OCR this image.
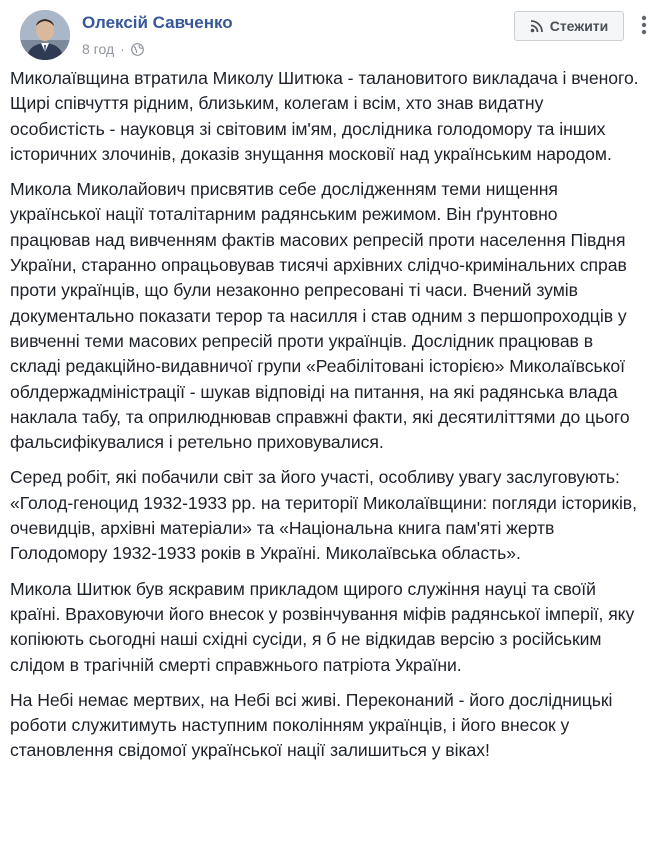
Олексій Савченко
8 год ·
Стежити

Миколаївщина втратила Миколу Шитюка - талановитого викладача і вченого. Щирі співчуття рідним, близьким, колегам і всім, хто знав видатну особистість - науковця зі світовим ім'ям, дослідника голодомору та інших історичних злочинів, доказів знущання московії над українським народом.

Микола Миколайович присвятив себе дослідженням теми нищення української нації тоталітарним радянським режимом. Він ґрунтовно працював над вивченням фактів масових репресій проти населення Півдня України, старанно опрацьовував тисячі архівних слідчо-кримінальних справ проти українців, що були незаконно репресовані ті часи. Вчений зумів документально показати терор та насилля і став одним з першопроходців у вивченні теми масових репресій проти українців. Дослідник працював в складі редакційно-видавничої групи «Реабілітовані історією» Миколаївської облдержадміністрації - шукав відповіді на питання, на які радянська влада наклала табу, та оприлюднював справжні факти, які десятиліттями до цього фальсифікувалися і ретельно приховувалися.

Серед робіт, які побачили світ за його участі, особливу увагу заслуговують: «Голод-геноцид 1932-1933 рр. на території Миколаївщини: погляди істориків, очевидців, архівні матеріали» та «Національна книга пам'яті жертв Голодомору 1932-1933 років в Україні. Миколаївська область».

Микола Шитюк був яскравим прикладом щирого служіння науці та своїй країні. Враховуючи його внесок у розвінчування міфів радянської імперії, яку копіюють сьогодні наші східні сусіди, я б не відкидав версію з російським слідом в трагічній смерті справжнього патріота України.

На Небі немає мертвих, на Небі всі живі. Переконаний - його дослідницькі роботи служитимуть наступним поколінням українців, і його внесок у становлення свідомої української нації залишиться у віках!
